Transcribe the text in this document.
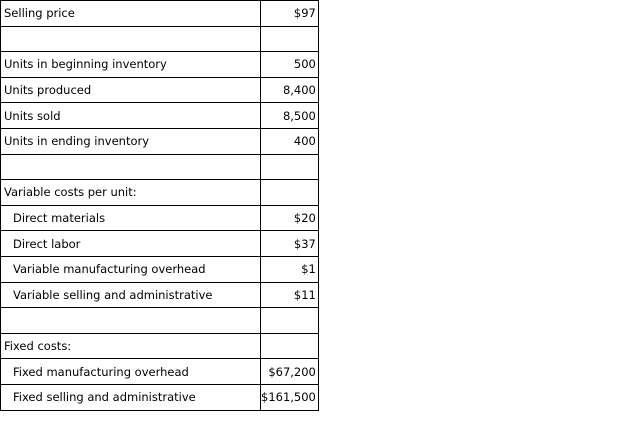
Selling price	$97

Units in beginning inventory	500
Units produced	8,400
Units sold	8,500
Units in ending inventory	400

Variable costs per unit:	
Direct materials	$20
Direct labor	$37
Variable manufacturing overhead	$1
Variable selling and administrative	$11

Fixed costs:	
Fixed manufacturing overhead	$67,200
Fixed selling and administrative	$161,500
